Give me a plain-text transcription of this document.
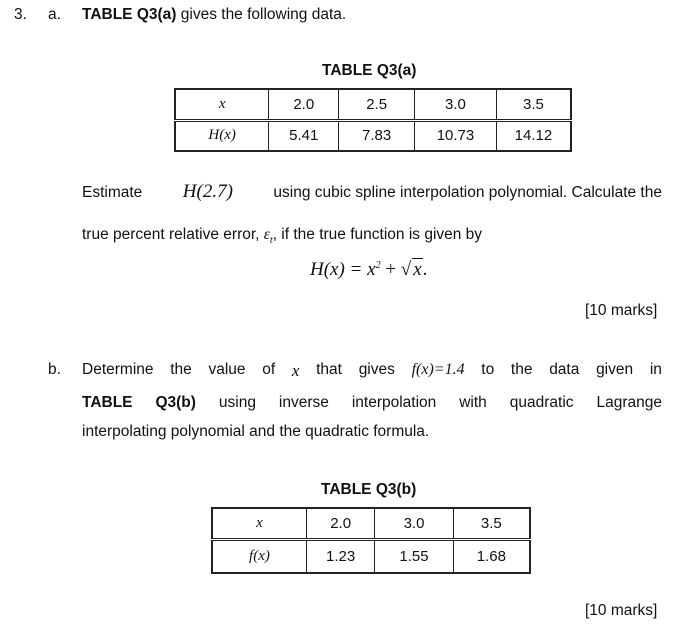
3. a. TABLE Q3(a) gives the following data.
TABLE Q3(a)
x	2.0	2.5	3.0	3.5
H(x)	5.41	7.83	10.73	14.12
Estimate H(2.7)	using cubic spline interpolation polynomial. Calculate the
true percent relative error, $\varepsilon_t$, if the true function is given by
$H(x) = x^2$ + √ x.
[10 marks]
b. Determine the value of x that gives f(x)=1.4 to the data given in
TABLE Q3(b) using inverse interpolation with quadratic Lagrange
interpolating polynomial and the quadratic formula.
TABLE Q3(b)
x	2.0	3.0	3.5
f(x)	1.23	1.55	1.68
[10 marks]
